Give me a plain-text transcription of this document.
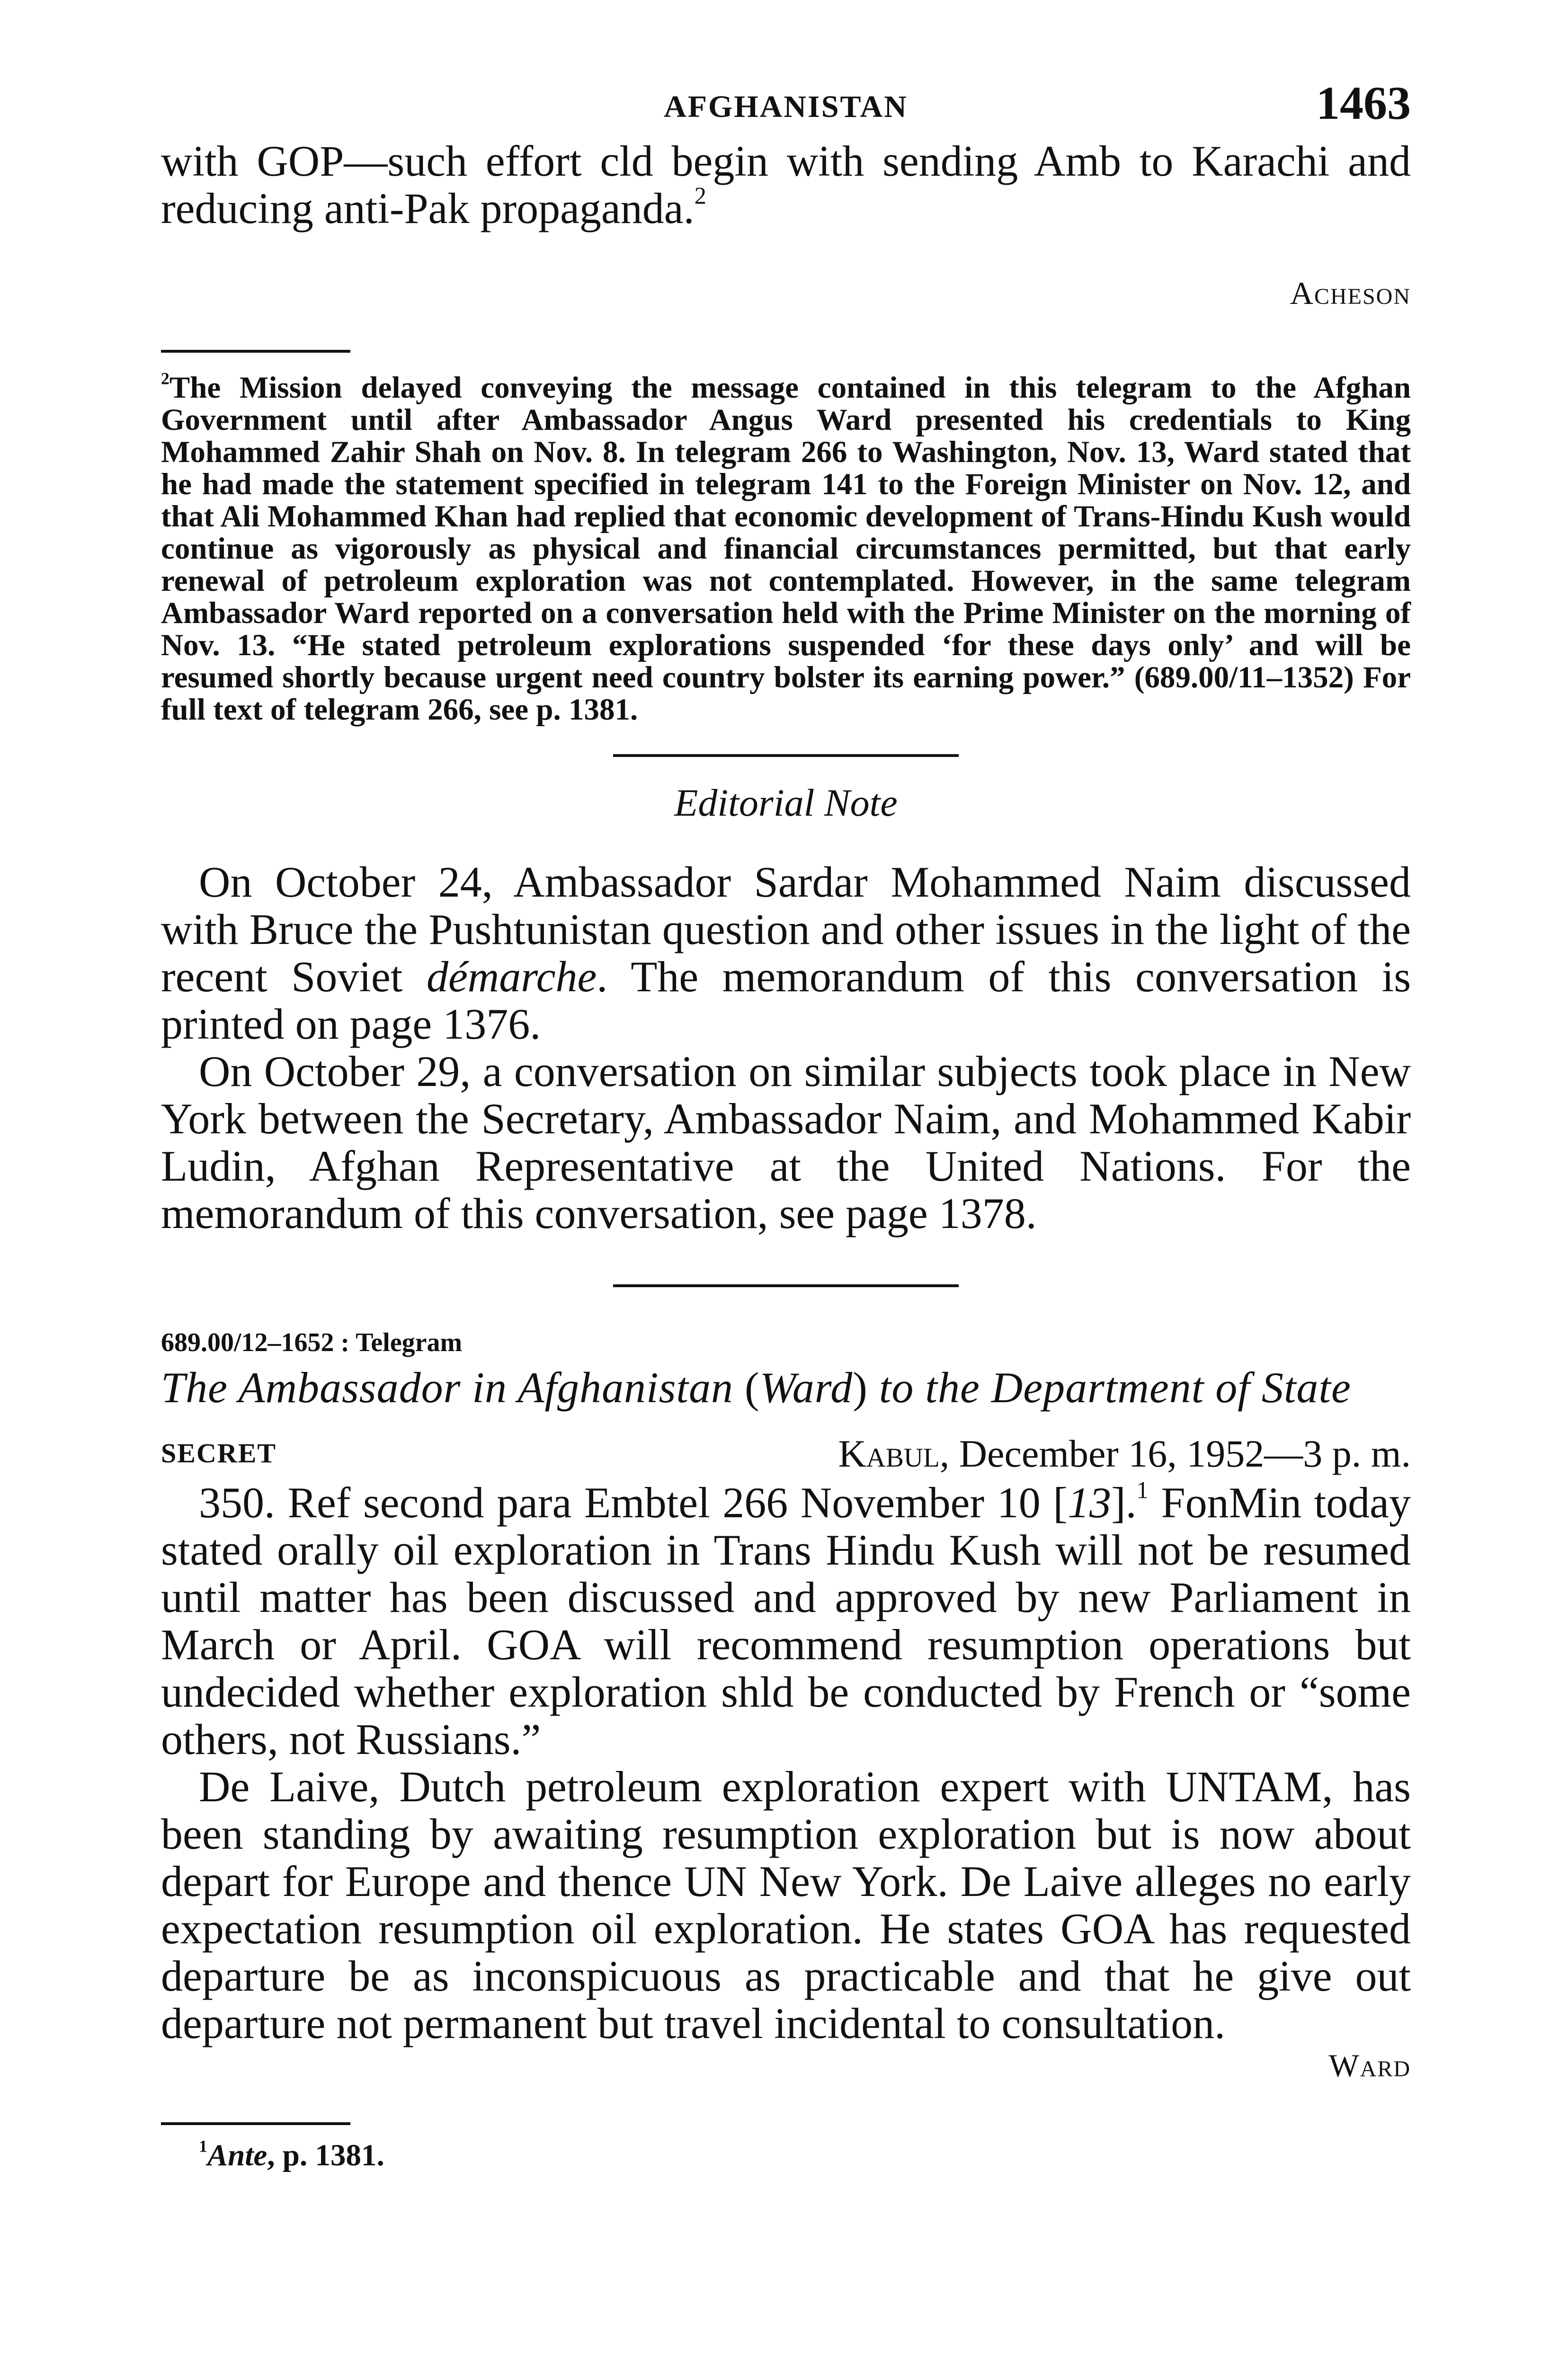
AFGHANISTAN	1463

with GOP—such effort cld begin with sending Amb to Karachi and reducing anti-Pak propaganda.$^2$

Acheson

$^2$The Mission delayed conveying the message contained in this telegram to the Afghan Government until after Ambassador Angus Ward presented his credentials to King Mohammed Zahir Shah on Nov. 8. In telegram 266 to Washington, Nov. 13, Ward stated that he had made the statement specified in telegram 141 to the Foreign Minister on Nov. 12, and that Ali Mohammed Khan had replied that economic development of Trans-Hindu Kush would continue as vigorously as physical and financial circumstances permitted, but that early renewal of petroleum exploration was not contemplated. However, in the same telegram Ambassador Ward reported on a conversation held with the Prime Minister on the morning of Nov. 13. “He stated petroleum explorations suspended ‘for these days only’ and will be resumed shortly because urgent need country bolster its earning power.” (689.00/11–1352) For full text of telegram 266, see p. 1381.

Editorial Note

On October 24, Ambassador Sardar Mohammed Naim discussed with Bruce the Pushtunistan question and other issues in the light of the recent Soviet démarche. The memorandum of this conversation is printed on page 1376.

On October 29, a conversation on similar subjects took place in New York between the Secretary, Ambassador Naim, and Mohammed Kabir Ludin, Afghan Representative at the United Nations. For the memorandum of this conversation, see page 1378.

689.00/12–1652 : Telegram
The Ambassador in Afghanistan (Ward) to the Department of State
SECRET	Kabul, December 16, 1952—3 p. m.

350. Ref second para Embtel 266 November 10 [13].$^1$ FonMin today stated orally oil exploration in Trans Hindu Kush will not be resumed until matter has been discussed and approved by new Parliament in March or April. GOA will recommend resumption operations but undecided whether exploration shld be conducted by French or “some others, not Russians.”

De Laive, Dutch petroleum exploration expert with UNTAM, has been standing by awaiting resumption exploration but is now about depart for Europe and thence UN New York. De Laive alleges no early expectation resumption oil exploration. He states GOA has requested departure be as inconspicuous as practicable and that he give out departure not permanent but travel incidental to consultation.

Ward

$^1$Ante, p. 1381.
